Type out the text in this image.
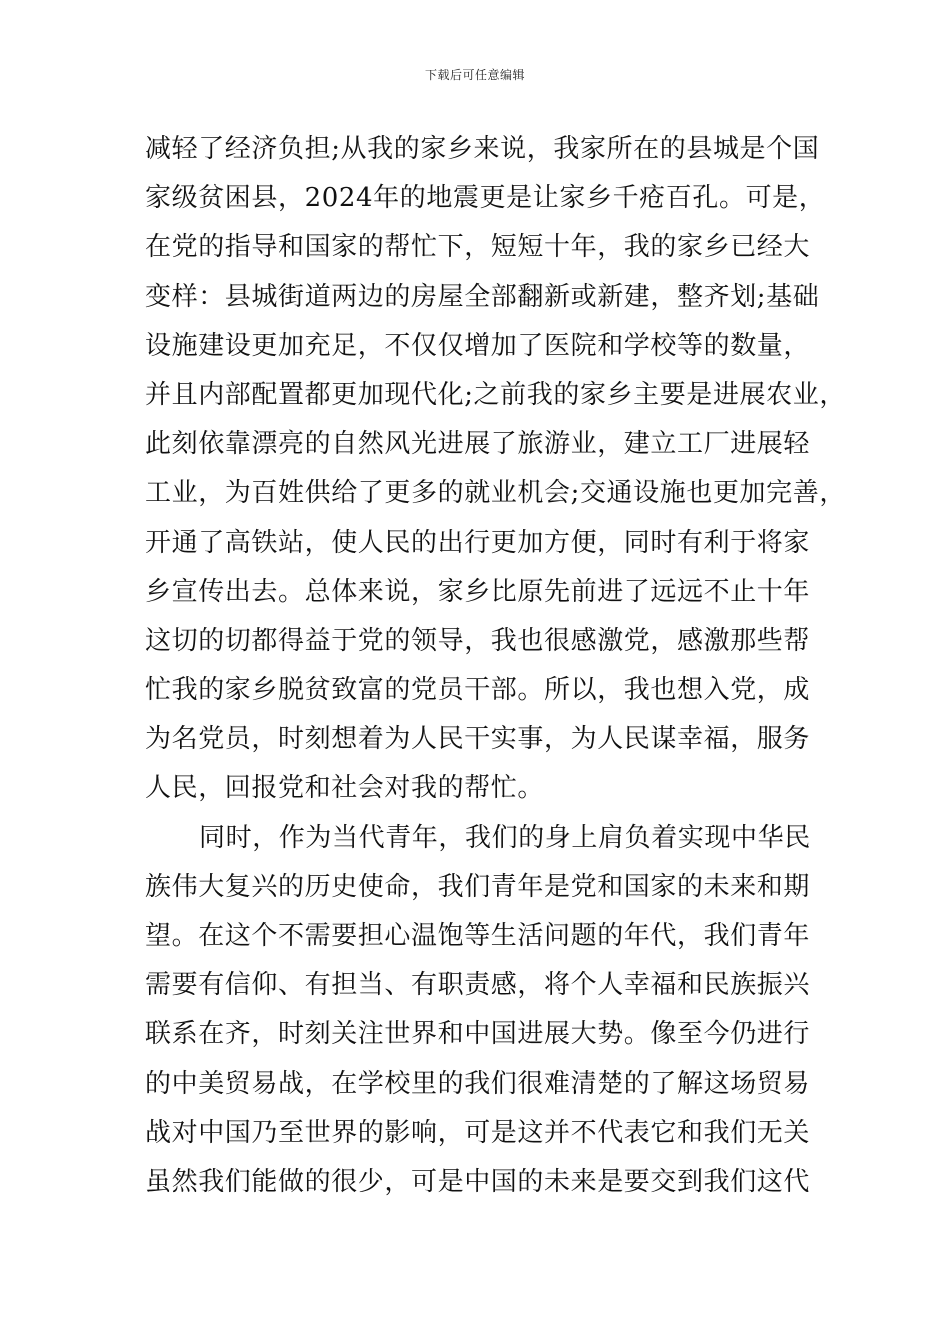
下载后可任意编辑
减轻了经济负担;从我的家乡来说，我家所在的县城是个国
家级贫困县，2024年的地震更是让家乡千疮百孔。可是，
在党的指导和国家的帮忙下，短短十年，我的家乡已经大
变样：县城街道两边的房屋全部翻新或新建，整齐划;基础
设施建设更加充足，不仅仅增加了医院和学校等的数量，
并且内部配置都更加现代化;之前我的家乡主要是进展农业，
此刻依靠漂亮的自然风光进展了旅游业，建立工厂进展轻
工业，为百姓供给了更多的就业机会;交通设施也更加完善，
开通了高铁站，使人民的出行更加方便，同时有利于将家
乡宣传出去。总体来说，家乡比原先前进了远远不止十年
这切的切都得益于党的领导，我也很感激党，感激那些帮
忙我的家乡脱贫致富的党员干部。所以，我也想入党，成
为名党员，时刻想着为人民干实事，为人民谋幸福，服务
人民，回报党和社会对我的帮忙。
同时，作为当代青年，我们的身上肩负着实现中华民
族伟大复兴的历史使命，我们青年是党和国家的未来和期
望。在这个不需要担心温饱等生活问题的年代，我们青年
需要有信仰、有担当、有职责感，将个人幸福和民族振兴
联系在齐，时刻关注世界和中国进展大势。像至今仍进行
的中美贸易战，在学校里的我们很难清楚的了解这场贸易
战对中国乃至世界的影响，可是这并不代表它和我们无关
虽然我们能做的很少，可是中国的未来是要交到我们这代
